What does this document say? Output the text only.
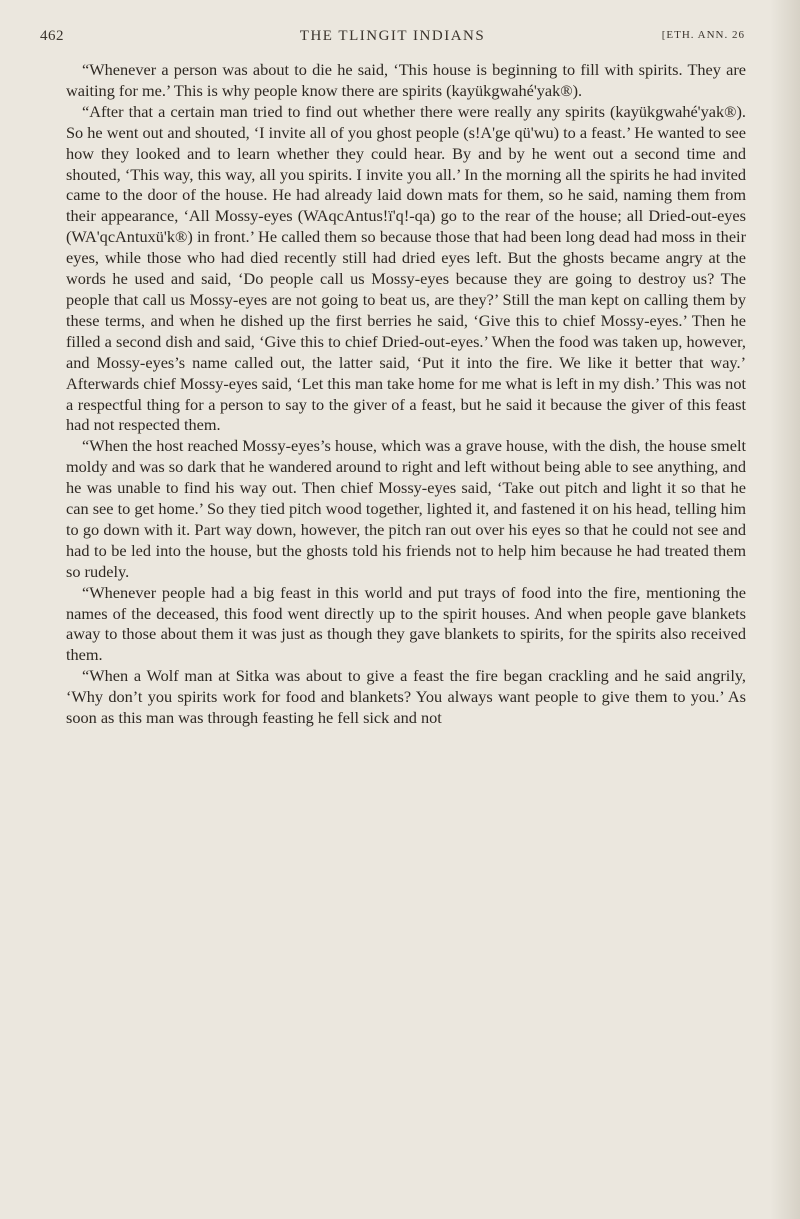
462	THE TLINGIT INDIANS	[ETH. ANN. 26

“Whenever a person was about to die he said, ‘This house is beginning to fill with spirits. They are waiting for me.’ This is why people know there are spirits (kayükgwahé'yak®).

“After that a certain man tried to find out whether there were really any spirits (kayükgwahé'yak®). So he went out and shouted, ‘I invite all of you ghost people (s!A'ge qü'wu) to a feast.’ He wanted to see how they looked and to learn whether they could hear. By and by he went out a second time and shouted, ‘This way, this way, all you spirits. I invite you all.’ In the morning all the spirits he had invited came to the door of the house. He had already laid down mats for them, so he said, naming them from their appearance, ‘All Mossy-eyes (WAqcAntus!ï'q!-qa) go to the rear of the house; all Dried-out-eyes (WA'qcAntuxü'k®) in front.’ He called them so because those that had been long dead had moss in their eyes, while those who had died recently still had dried eyes left. But the ghosts became angry at the words he used and said, ‘Do people call us Mossy-eyes because they are going to destroy us? The people that call us Mossy-eyes are not going to beat us, are they?’ Still the man kept on calling them by these terms, and when he dished up the first berries he said, ‘Give this to chief Mossy-eyes.’ Then he filled a second dish and said, ‘Give this to chief Dried-out-eyes.’ When the food was taken up, however, and Mossy-eyes’s name called out, the latter said, ‘Put it into the fire. We like it better that way.’ Afterwards chief Mossy-eyes said, ‘Let this man take home for me what is left in my dish.’ This was not a respectful thing for a person to say to the giver of a feast, but he said it because the giver of this feast had not respected them.

“When the host reached Mossy-eyes’s house, which was a grave house, with the dish, the house smelt moldy and was so dark that he wandered around to right and left without being able to see anything, and he was unable to find his way out. Then chief Mossy-eyes said, ‘Take out pitch and light it so that he can see to get home.’ So they tied pitch wood together, lighted it, and fastened it on his head, telling him to go down with it. Part way down, however, the pitch ran out over his eyes so that he could not see and had to be led into the house, but the ghosts told his friends not to help him because he had treated them so rudely.

“Whenever people had a big feast in this world and put trays of food into the fire, mentioning the names of the deceased, this food went directly up to the spirit houses. And when people gave blankets away to those about them it was just as though they gave blankets to spirits, for the spirits also received them.

“When a Wolf man at Sitka was about to give a feast the fire began crackling and he said angrily, ‘Why don’t you spirits work for food and blankets? You always want people to give them to you.’ As soon as this man was through feasting he fell sick and not
